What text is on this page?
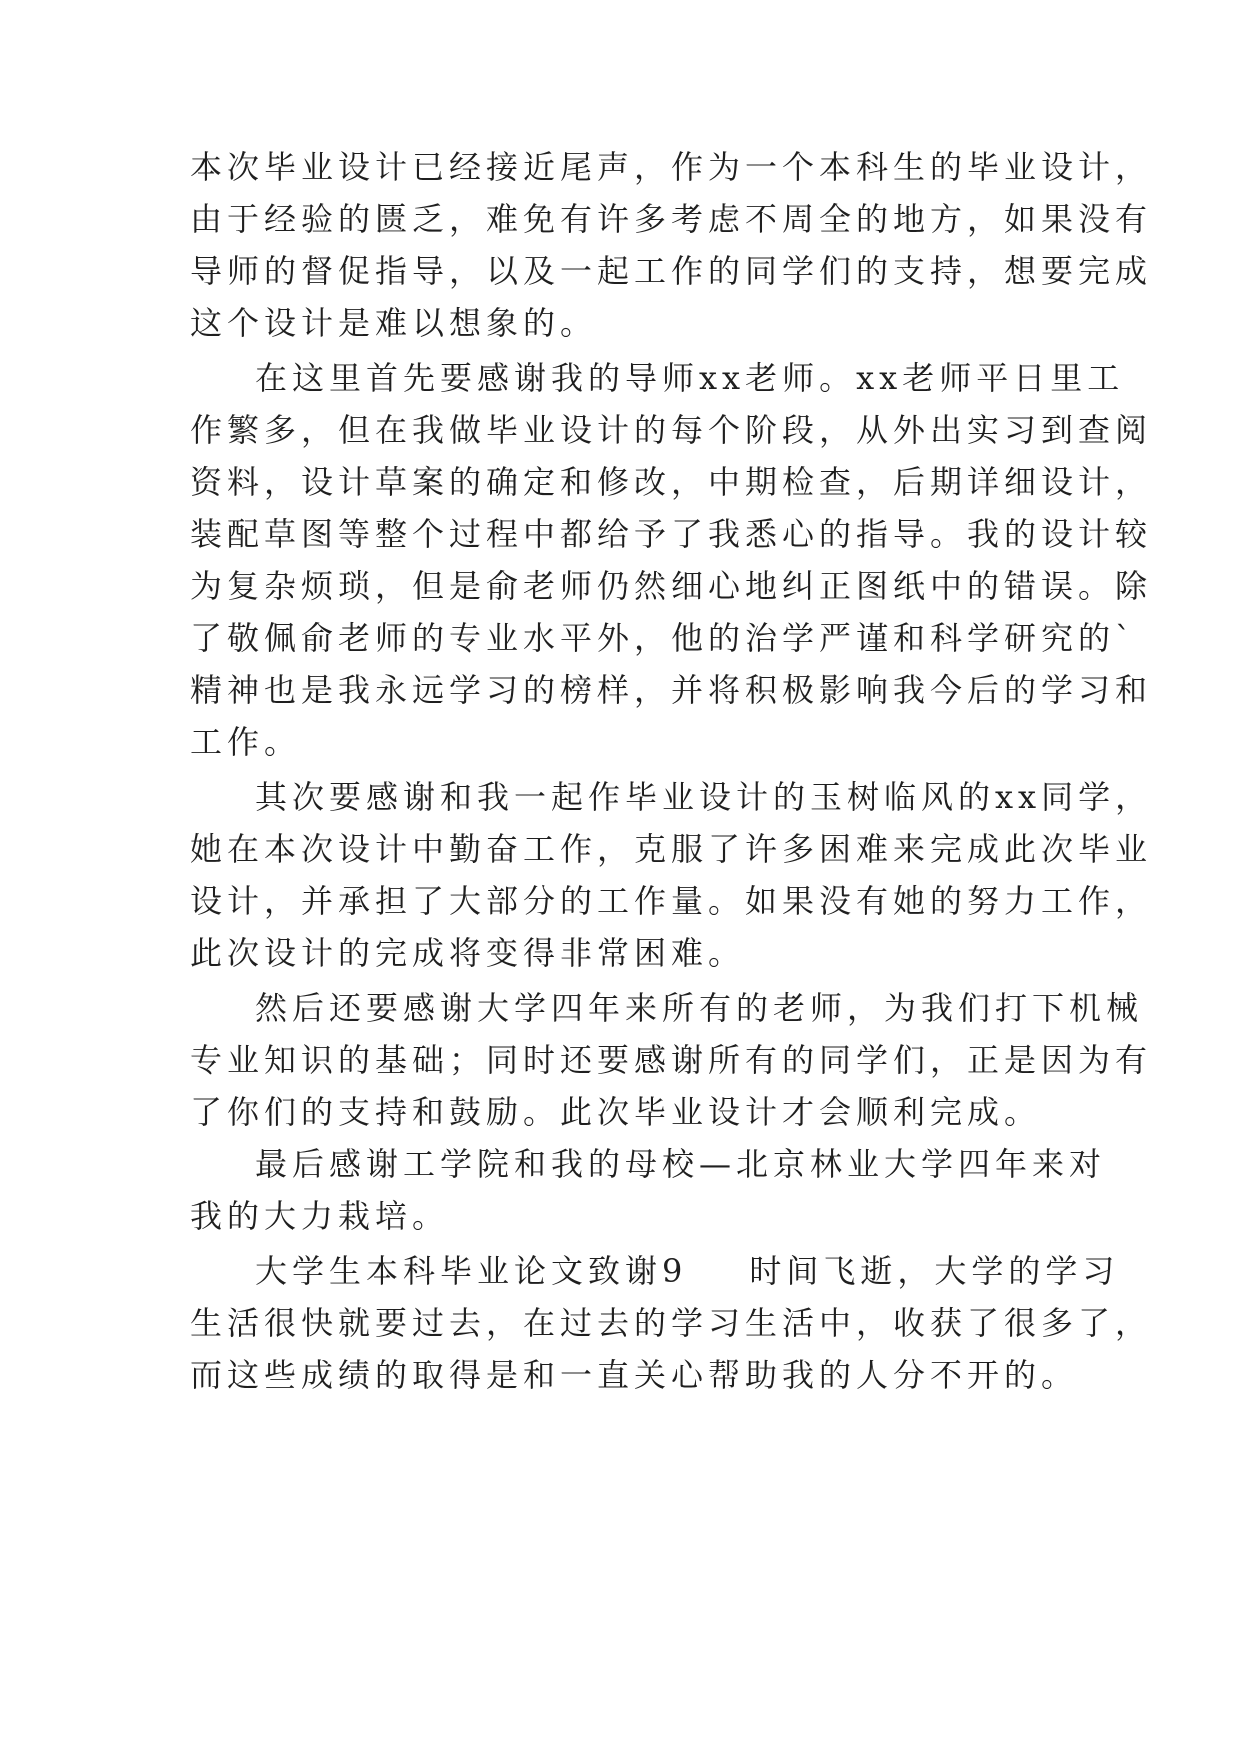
本次毕业设计已经接近尾声，作为一个本科生的毕业设计，
由于经验的匮乏，难免有许多考虑不周全的地方，如果没有
导师的督促指导，以及一起工作的同学们的支持，想要完成
这个设计是难以想象的。
在这里首先要感谢我的导师xx老师。xx老师平日里工
作繁多，但在我做毕业设计的每个阶段，从外出实习到查阅
资料，设计草案的确定和修改，中期检查，后期详细设计，
装配草图等整个过程中都给予了我悉心的指导。我的设计较
为复杂烦琐，但是俞老师仍然细心地纠正图纸中的错误。除
了敬佩俞老师的专业水平外，他的治学严谨和科学研究的`
精神也是我永远学习的榜样，并将积极影响我今后的学习和
工作。
其次要感谢和我一起作毕业设计的玉树临风的xx同学，
她在本次设计中勤奋工作，克服了许多困难来完成此次毕业
设计，并承担了大部分的工作量。如果没有她的努力工作，
此次设计的完成将变得非常困难。
然后还要感谢大学四年来所有的老师，为我们打下机械
专业知识的基础；同时还要感谢所有的同学们，正是因为有
了你们的支持和鼓励。此次毕业设计才会顺利完成。
最后感谢工学院和我的母校—北京林业大学四年来对
我的大力栽培。
大学生本科毕业论文致谢9 时间飞逝，大学的学习
生活很快就要过去，在过去的学习生活中，收获了很多了，
而这些成绩的取得是和一直关心帮助我的人分不开的。
